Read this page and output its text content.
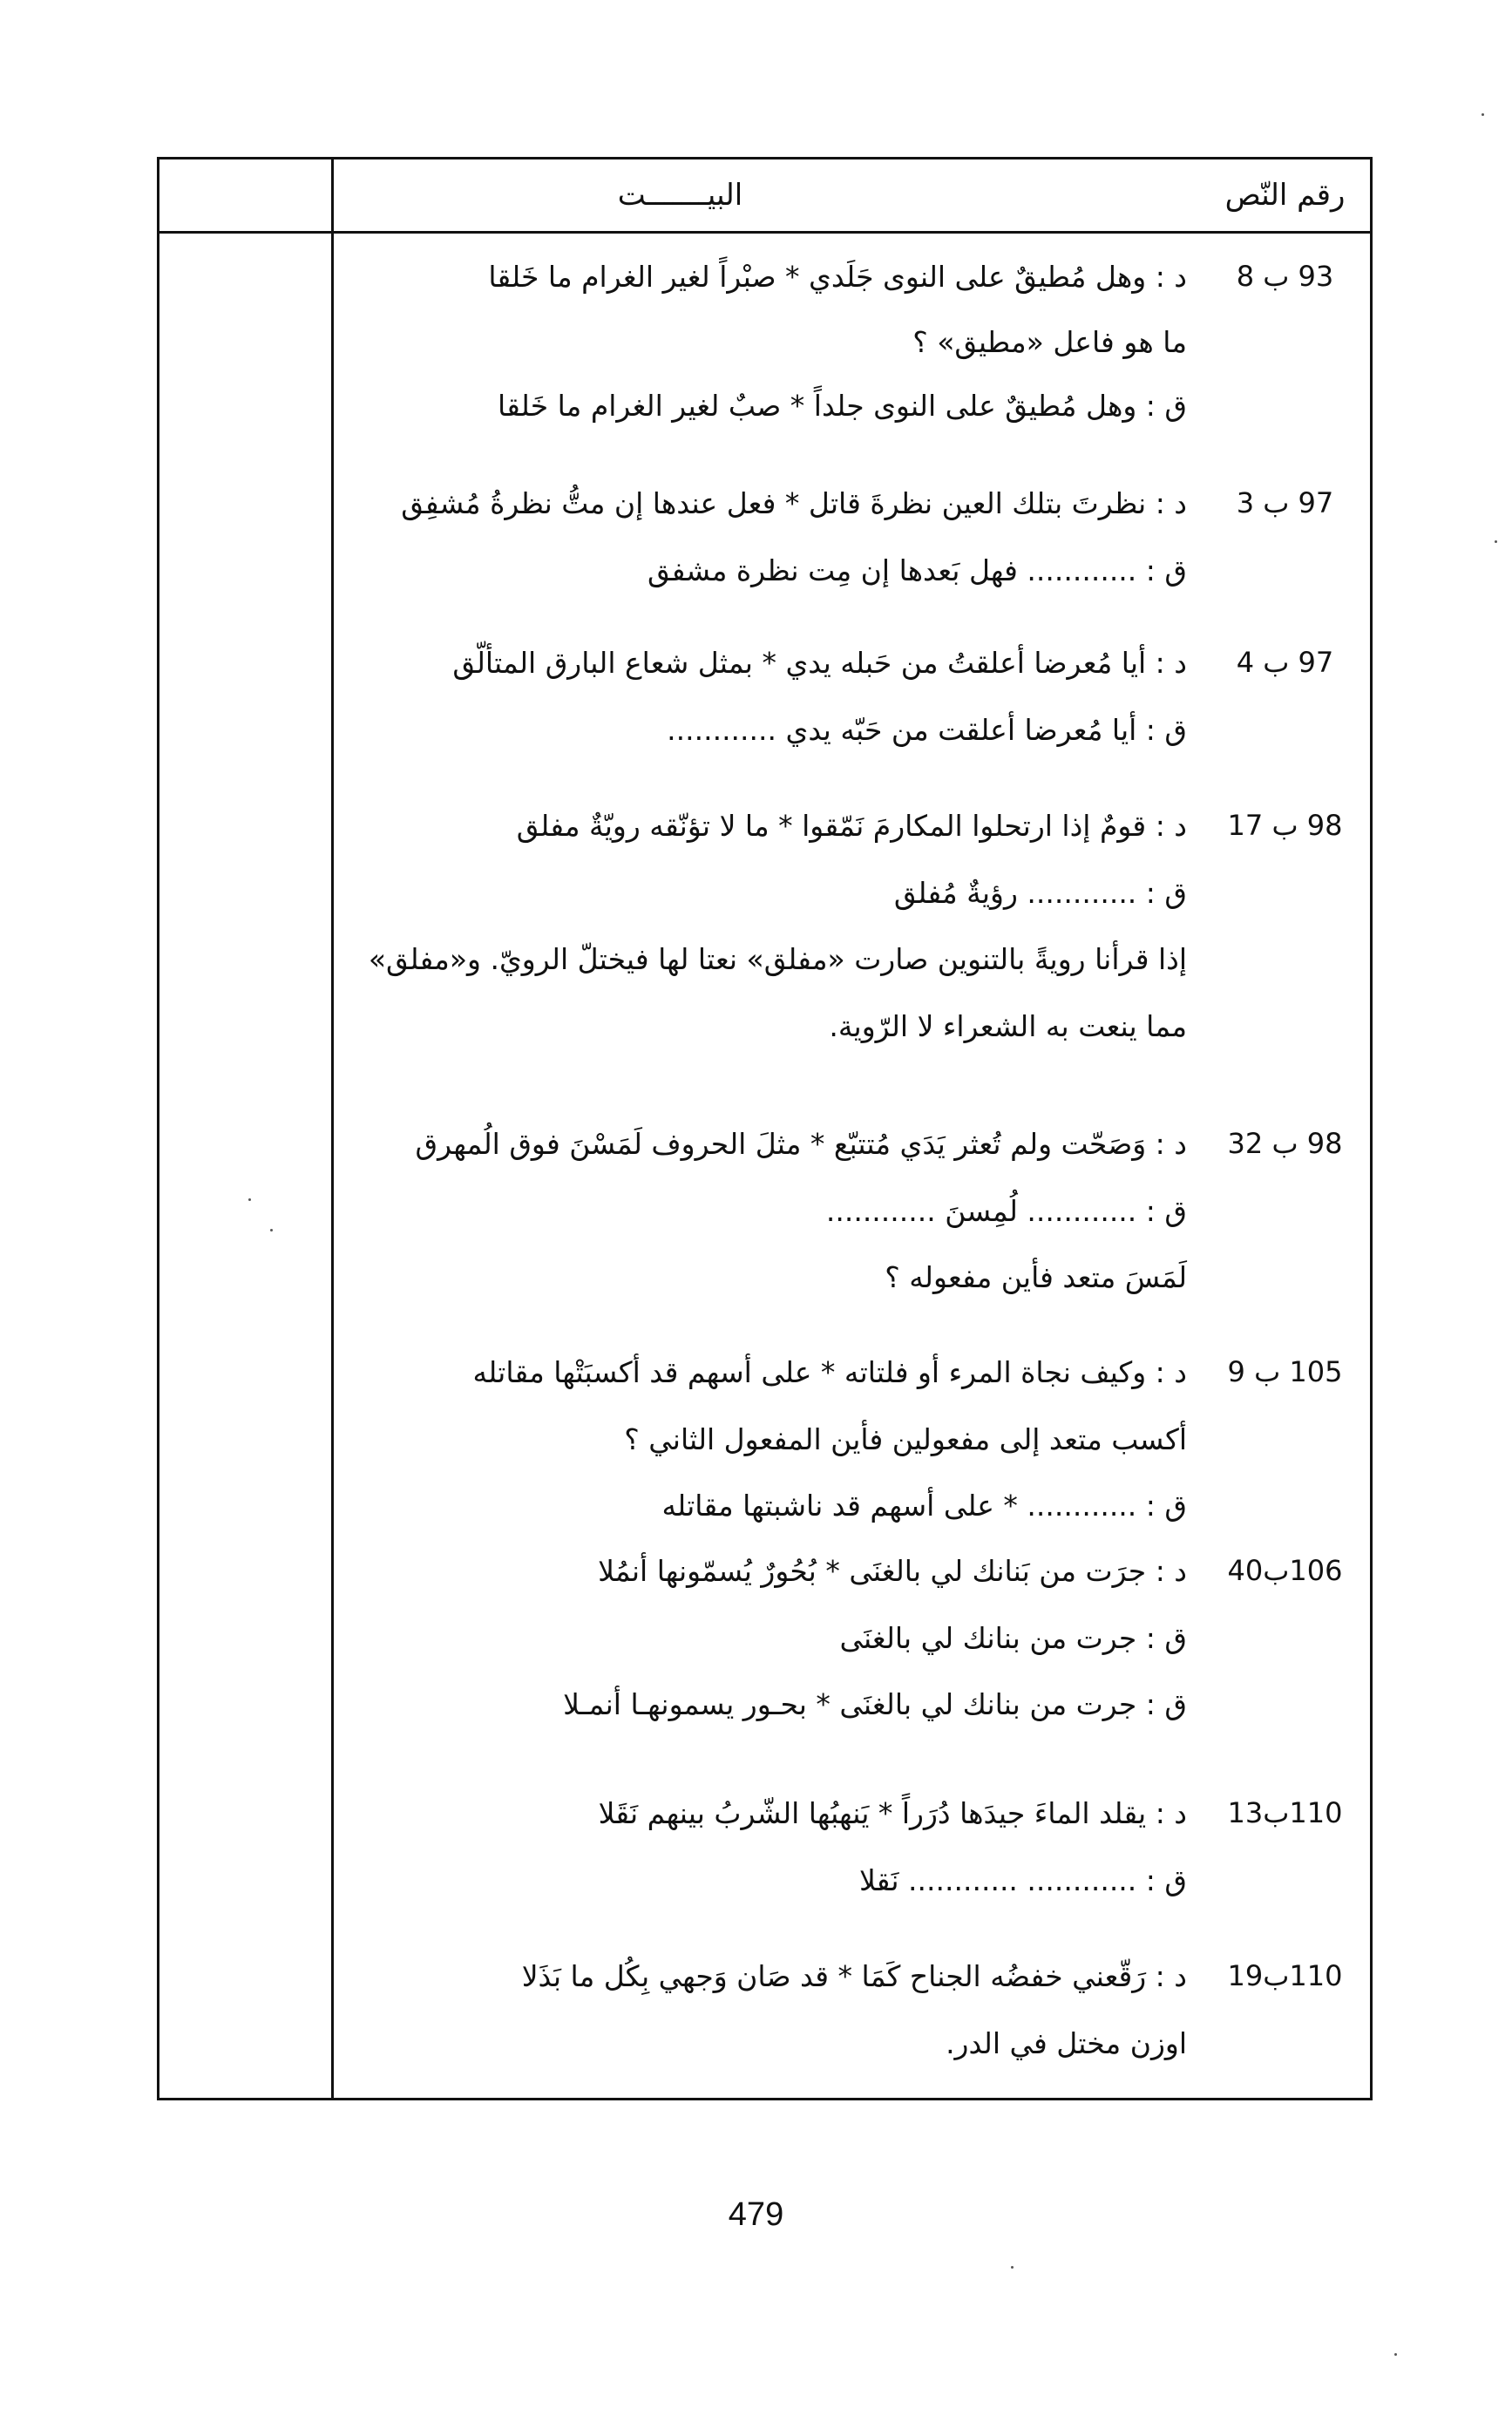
رقم النّص
البيـــــــت
93 ب 8
د : وهل مُطيقٌ على النوى جَلَدي * صبْراً لغير الغرام ما خَلقا
ما هو فاعل «مطيق» ؟
ق : وهل مُطيقٌ على النوى جلداً * صبٌ لغير الغرام ما خَلقا
97 ب 3
د : نظرتَ بتلك العين نظرةَ قاتل * فعل عندها إن متُّ نظرةُ مُشفِق
ق : ............ فهل بَعدها إن مِت نظرة مشفق
97 ب 4
د : أيا مُعرضا أعلقتُ من حَبله يدي * بمثل شعاع البارق المتألّق
ق : أيا مُعرضا أعلقت من حَبّه يدي ............
98 ب 17
د : قومٌ إذا ارتحلوا المكارمَ نَمّقوا * ما لا تؤنّقه رويّةٌ مفلق
ق : ............ رؤيةٌ مُفلق
إذا قرأنا رويةً بالتنوين صارت «مفلق» نعتا لها فيختلّ الرويّ. و«مفلق»
مما ينعت به الشعراء لا الرّوية.
98 ب 32
د : وَصَحّت ولم تُعثر يَدَي مُتتبّع * مثلَ الحروف لَمَسْنَ فوق الُمهرق
ق : ............ لُمِسنَ ............
لَمَسَ متعد فأين مفعوله ؟
105 ب 9
د : وكيف نجاة المرء أو فلتاته * على أسهم قد أكسبَتْها مقاتله
أكسب متعد إلى مفعولين فأين المفعول الثاني ؟
ق : ............ * على أسهم قد ناشبتها مقاتله
106ب40
د : جرَت من بَنانك لي بالغنَى * بُحُورٌ يُسمّونها أنمُلا
ق : جرت من بنانك لي بالغنَى
ق : جرت من بنانك لي بالغنَى * بحـور يسمونهـا أنمـلا
110ب13
د : يقلد الماءَ جيدَها دُرَراً * يَنهبُها الشّربُ بينهم نَقَلا
ق : ............ ............ نَقلا
110ب19
د : رَقّعني خفضُه الجناح كَمَا * قد صَان وَجهي بِكُل ما بَذَلا
اوزن مختل في الدر.
479
